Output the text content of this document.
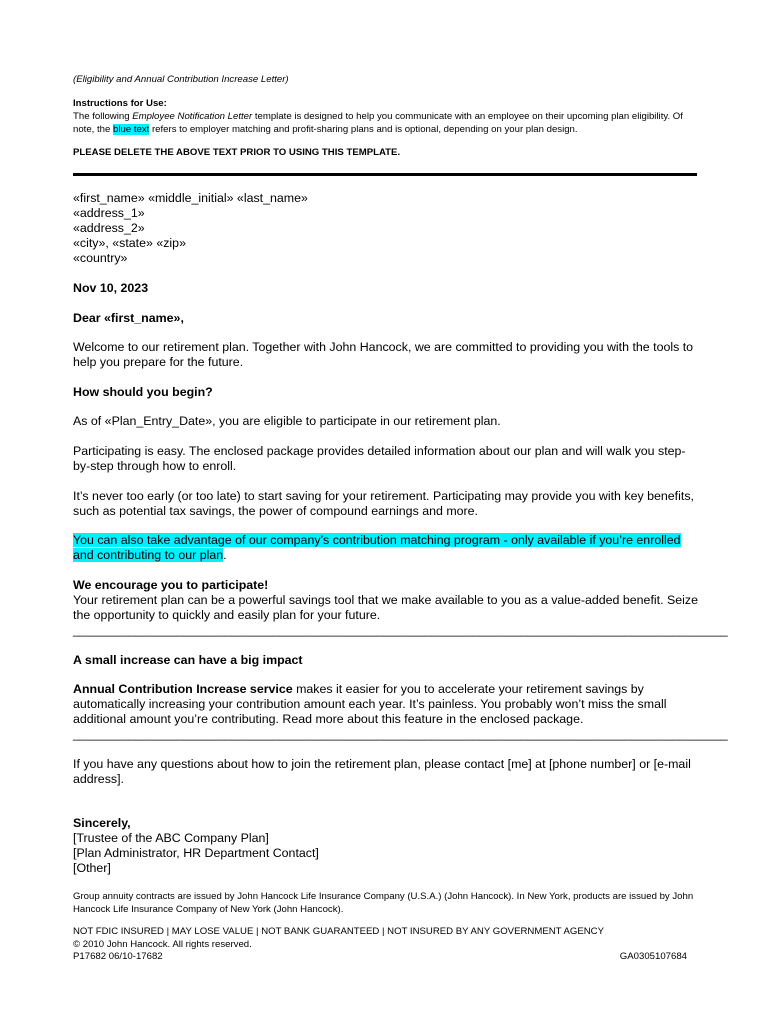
(Eligibility and Annual Contribution Increase Letter)
Instructions for Use:
The following Employee Notification Letter template is designed to help you communicate with an employee on their upcoming plan eligibility. Of note, the blue text refers to employer matching and profit-sharing plans and is optional, depending on your plan design.
PLEASE DELETE THE ABOVE TEXT PRIOR TO USING THIS TEMPLATE.
«first_name» «middle_initial» «last_name»
«address_1»
«address_2»
«city», «state» «zip»
«country»
Nov 10, 2023
Dear «first_name»,
Welcome to our retirement plan. Together with John Hancock, we are committed to providing you with the tools to help you prepare for the future.
How should you begin?
As of «Plan_Entry_Date», you are eligible to participate in our retirement plan.
Participating is easy. The enclosed package provides detailed information about our plan and will walk you step-by-step through how to enroll.
It’s never too early (or too late) to start saving for your retirement. Participating may provide you with key benefits, such as potential tax savings, the power of compound earnings and more.
You can also take advantage of our company’s contribution matching program - only available if you’re enrolled and contributing to our plan.
We encourage you to participate!
Your retirement plan can be a powerful savings tool that we make available to you as a value-added benefit. Seize the opportunity to quickly and easily plan for your future.
_______________________________________________________________________________________________
A small increase can have a big impact
Annual Contribution Increase service makes it easier for you to accelerate your retirement savings by automatically increasing your contribution amount each year. It’s painless. You probably won’t miss the small additional amount you’re contributing. Read more about this feature in the enclosed package.
_______________________________________________________________________________________________
If you have any questions about how to join the retirement plan, please contact [me] at [phone number] or [e-mail address].
Sincerely,
[Trustee of the ABC Company Plan]
[Plan Administrator, HR Department Contact]
[Other]
Group annuity contracts are issued by John Hancock Life Insurance Company (U.S.A.) (John Hancock). In New York, products are issued by John Hancock Life Insurance Company of New York (John Hancock).
NOT FDIC INSURED | MAY LOSE VALUE | NOT BANK GUARANTEED | NOT INSURED BY ANY GOVERNMENT AGENCY
© 2010 John Hancock. All rights reserved.
P17682 06/10-17682	GA0305107684
